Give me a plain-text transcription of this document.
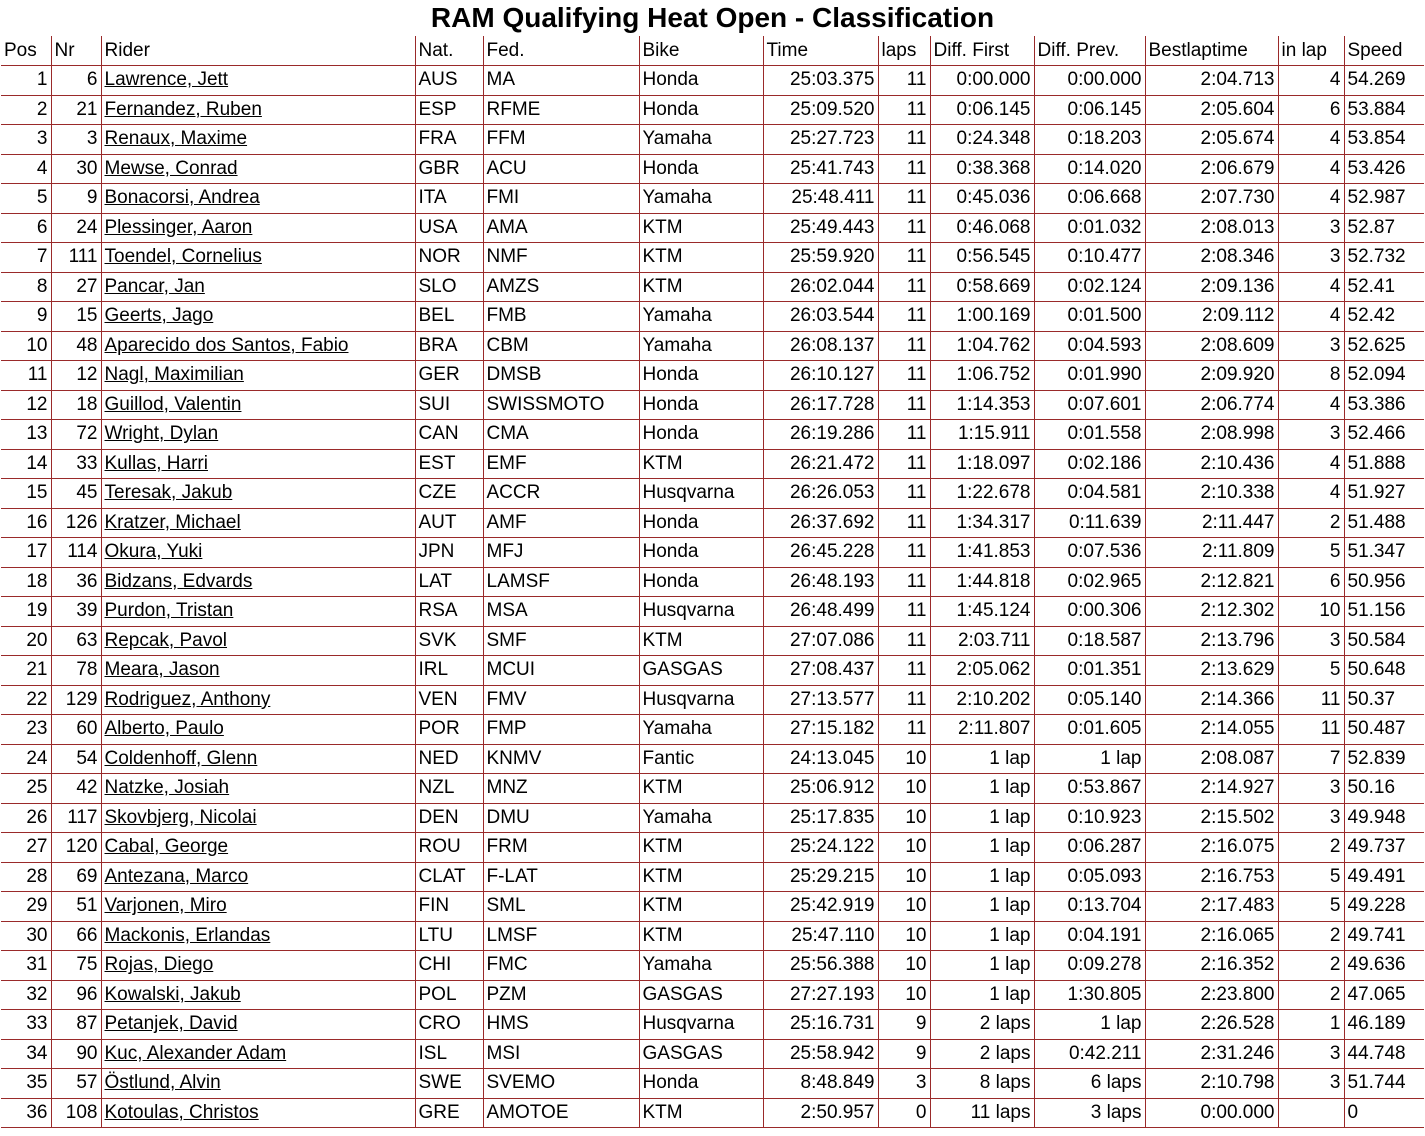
RAM Qualifying Heat Open - Classification
Pos	Nr	Rider	Nat.	Fed.	Bike	Time	laps	Diff. First	Diff. Prev.	Bestlaptime	in lap	Speed
1	6	Lawrence, Jett	AUS	MA	Honda	25:03.375	11	0:00.000	0:00.000	2:04.713	4	54.269
2	21	Fernandez, Ruben	ESP	RFME	Honda	25:09.520	11	0:06.145	0:06.145	2:05.604	6	53.884
3	3	Renaux, Maxime	FRA	FFM	Yamaha	25:27.723	11	0:24.348	0:18.203	2:05.674	4	53.854
4	30	Mewse, Conrad	GBR	ACU	Honda	25:41.743	11	0:38.368	0:14.020	2:06.679	4	53.426
5	9	Bonacorsi, Andrea	ITA	FMI	Yamaha	25:48.411	11	0:45.036	0:06.668	2:07.730	4	52.987
6	24	Plessinger, Aaron	USA	AMA	KTM	25:49.443	11	0:46.068	0:01.032	2:08.013	3	52.87
7	111	Toendel, Cornelius	NOR	NMF	KTM	25:59.920	11	0:56.545	0:10.477	2:08.346	3	52.732
8	27	Pancar, Jan	SLO	AMZS	KTM	26:02.044	11	0:58.669	0:02.124	2:09.136	4	52.41
9	15	Geerts, Jago	BEL	FMB	Yamaha	26:03.544	11	1:00.169	0:01.500	2:09.112	4	52.42
10	48	Aparecido dos Santos, Fabio	BRA	CBM	Yamaha	26:08.137	11	1:04.762	0:04.593	2:08.609	3	52.625
11	12	Nagl, Maximilian	GER	DMSB	Honda	26:10.127	11	1:06.752	0:01.990	2:09.920	8	52.094
12	18	Guillod, Valentin	SUI	SWISSMOTO	Honda	26:17.728	11	1:14.353	0:07.601	2:06.774	4	53.386
13	72	Wright, Dylan	CAN	CMA	Honda	26:19.286	11	1:15.911	0:01.558	2:08.998	3	52.466
14	33	Kullas, Harri	EST	EMF	KTM	26:21.472	11	1:18.097	0:02.186	2:10.436	4	51.888
15	45	Teresak, Jakub	CZE	ACCR	Husqvarna	26:26.053	11	1:22.678	0:04.581	2:10.338	4	51.927
16	126	Kratzer, Michael	AUT	AMF	Honda	26:37.692	11	1:34.317	0:11.639	2:11.447	2	51.488
17	114	Okura, Yuki	JPN	MFJ	Honda	26:45.228	11	1:41.853	0:07.536	2:11.809	5	51.347
18	36	Bidzans, Edvards	LAT	LAMSF	Honda	26:48.193	11	1:44.818	0:02.965	2:12.821	6	50.956
19	39	Purdon, Tristan	RSA	MSA	Husqvarna	26:48.499	11	1:45.124	0:00.306	2:12.302	10	51.156
20	63	Repcak, Pavol	SVK	SMF	KTM	27:07.086	11	2:03.711	0:18.587	2:13.796	3	50.584
21	78	Meara, Jason	IRL	MCUI	GASGAS	27:08.437	11	2:05.062	0:01.351	2:13.629	5	50.648
22	129	Rodriguez, Anthony	VEN	FMV	Husqvarna	27:13.577	11	2:10.202	0:05.140	2:14.366	11	50.37
23	60	Alberto, Paulo	POR	FMP	Yamaha	27:15.182	11	2:11.807	0:01.605	2:14.055	11	50.487
24	54	Coldenhoff, Glenn	NED	KNMV	Fantic	24:13.045	10	1 lap	1 lap	2:08.087	7	52.839
25	42	Natzke, Josiah	NZL	MNZ	KTM	25:06.912	10	1 lap	0:53.867	2:14.927	3	50.16
26	117	Skovbjerg, Nicolai	DEN	DMU	Yamaha	25:17.835	10	1 lap	0:10.923	2:15.502	3	49.948
27	120	Cabal, George	ROU	FRM	KTM	25:24.122	10	1 lap	0:06.287	2:16.075	2	49.737
28	69	Antezana, Marco	CLAT	F-LAT	KTM	25:29.215	10	1 lap	0:05.093	2:16.753	5	49.491
29	51	Varjonen, Miro	FIN	SML	KTM	25:42.919	10	1 lap	0:13.704	2:17.483	5	49.228
30	66	Mackonis, Erlandas	LTU	LMSF	KTM	25:47.110	10	1 lap	0:04.191	2:16.065	2	49.741
31	75	Rojas, Diego	CHI	FMC	Yamaha	25:56.388	10	1 lap	0:09.278	2:16.352	2	49.636
32	96	Kowalski, Jakub	POL	PZM	GASGAS	27:27.193	10	1 lap	1:30.805	2:23.800	2	47.065
33	87	Petanjek, David	CRO	HMS	Husqvarna	25:16.731	9	2 laps	1 lap	2:26.528	1	46.189
34	90	Kuc, Alexander Adam	ISL	MSI	GASGAS	25:58.942	9	2 laps	0:42.211	2:31.246	3	44.748
35	57	Östlund, Alvin	SWE	SVEMO	Honda	8:48.849	3	8 laps	6 laps	2:10.798	3	51.744
36	108	Kotoulas, Christos	GRE	AMOTOE	KTM	2:50.957	0	11 laps	3 laps	0:00.000		0
